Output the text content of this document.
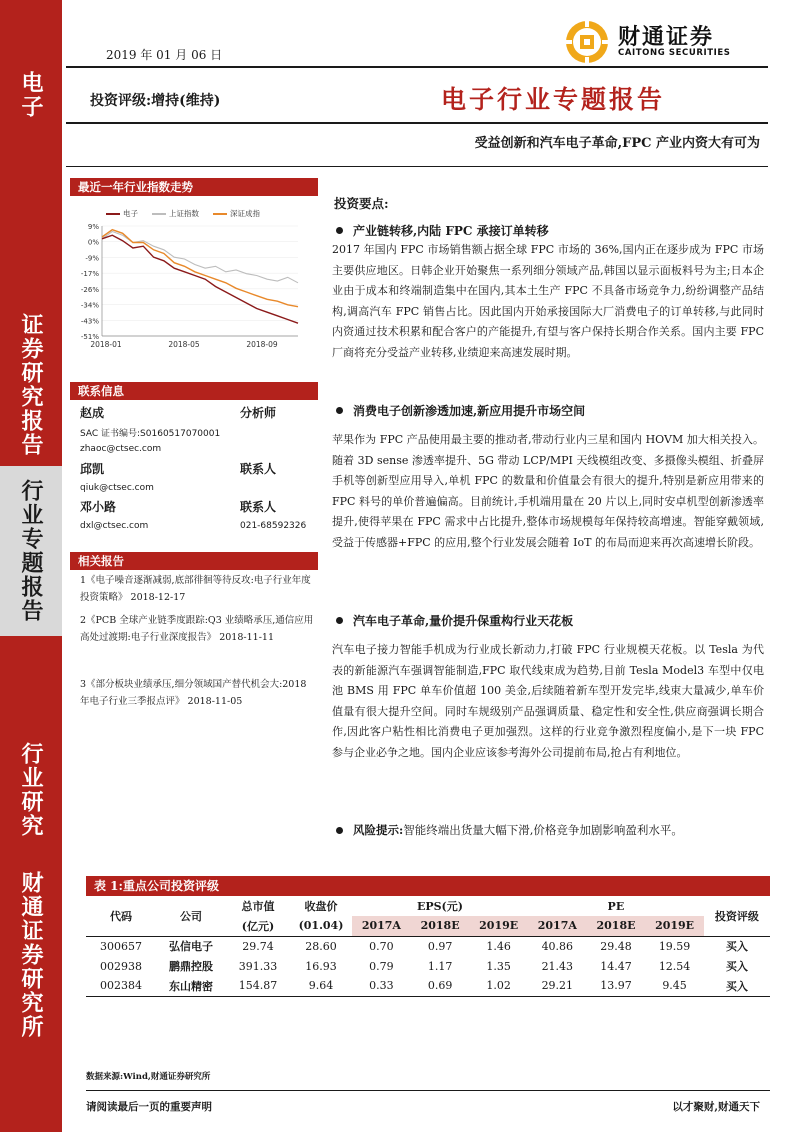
电子
证券研究报告
行业专题报告
行业研究
财通证券研究所
2019 年 01 月 06 日
财通证券
CAITONG SECURITIES
投资评级:增持(维持)	电子行业专题报告
受益创新和汽车电子革命,FPC 产业内资大有可为
最近一年行业指数走势
电子	上证指数	深证成指
9%
0%
-9%
-17%
-26%
-34%
-43%
-51%
2018-01	2018-05	2018-09
联系信息
赵成	分析师
SAC 证书编号:S0160517070001
zhaoc@ctsec.com
邱凯	联系人
qiuk@ctsec.com
邓小路	联系人
dxl@ctsec.com	021-68592326
相关报告
1《电子噪音逐渐减弱,底部徘徊等待反攻:电子行业年度投资策略》 2018-12-17
2《PCB 全球产业链季度跟踪:Q3 业绩略承压,通信应用高处过渡期:电子行业深度报告》 2018-11-11
3《部分板块业绩承压,细分领域国产替代机会大:2018 年电子行业三季报点评》 2018-11-05
投资要点:
产业链转移,内陆 FPC 承接订单转移
2017 年国内 FPC 市场销售额占据全球 FPC 市场的 36%,国内正在逐步成为 FPC 市场主要供应地区。日韩企业开始聚焦一系列细分领域产品,韩国以显示面板料号为主;日本企业由于成本和终端制造集中在国内,其本土生产 FPC 不具备市场竞争力,纷纷调整产品结构,调高汽车 FPC 销售占比。因此国内开始承接国际大厂消费电子的订单转移,与此同时内资通过技术积累和配合客户的产能提升,有望与客户保持长期合作关系。国内主要 FPC 厂商将充分受益产业转移,业绩迎来高速发展时期。
消费电子创新渗透加速,新应用提升市场空间
苹果作为 FPC 产品使用最主要的推动者,带动行业内三星和国内 HOVM 加大相关投入。随着 3D sense 渗透率提升、5G 带动 LCP/MPI 天线模组改变、多摄像头模组、折叠屏手机等创新型应用导入,单机 FPC 的数量和价值量会有很大的提升,特别是新应用带来的 FPC 料号的单价普遍偏高。目前统计,手机端用量在 20 片以上,同时安卓机型创新渗透率提升,使得苹果在 FPC 需求中占比提升,整体市场规模每年保持较高增速。智能穿戴领域,受益于传感器+FPC 的应用,整个行业发展会随着 IoT 的布局而迎来再次高速增长阶段。
汽车电子革命,量价提升保重构行业天花板
汽车电子接力智能手机成为行业成长新动力,打破 FPC 行业规模天花板。以 Tesla 为代表的新能源汽车强调智能制造,FPC 取代线束成为趋势,目前 Tesla Model3 车型中仅电池 BMS 用 FPC 单车价值超 100 美金,后续随着新车型开发完毕,线束大量减少,单车价值量有很大提升空间。同时车规级别产品强调质量、稳定性和安全性,供应商强调长期合作,因此客户粘性相比消费电子更加强烈。这样的行业竞争激烈程度偏小,是下一块 FPC 参与企业必争之地。国内企业应该参考海外公司提前布局,抢占有利地位。
风险提示:智能终端出货量大幅下滑,价格竞争加剧影响盈利水平。
表 1:重点公司投资评级
代码	公司	总市值	收盘价	EPS(元)			PE			投资评级
		(亿元)	(01.04)	2017A	2018E	2019E	2017A	2018E	2019E	
300657	弘信电子	29.74	28.60	0.70	0.97	1.46	40.86	29.48	19.59	买入
002938	鹏鼎控股	391.33	16.93	0.79	1.17	1.35	21.43	14.47	12.54	买入
002384	东山精密	154.87	9.64	0.33	0.69	1.02	29.21	13.97	9.45	买入
数据来源:Wind,财通证券研究所
请阅读最后一页的重要声明	以才聚财,财通天下
